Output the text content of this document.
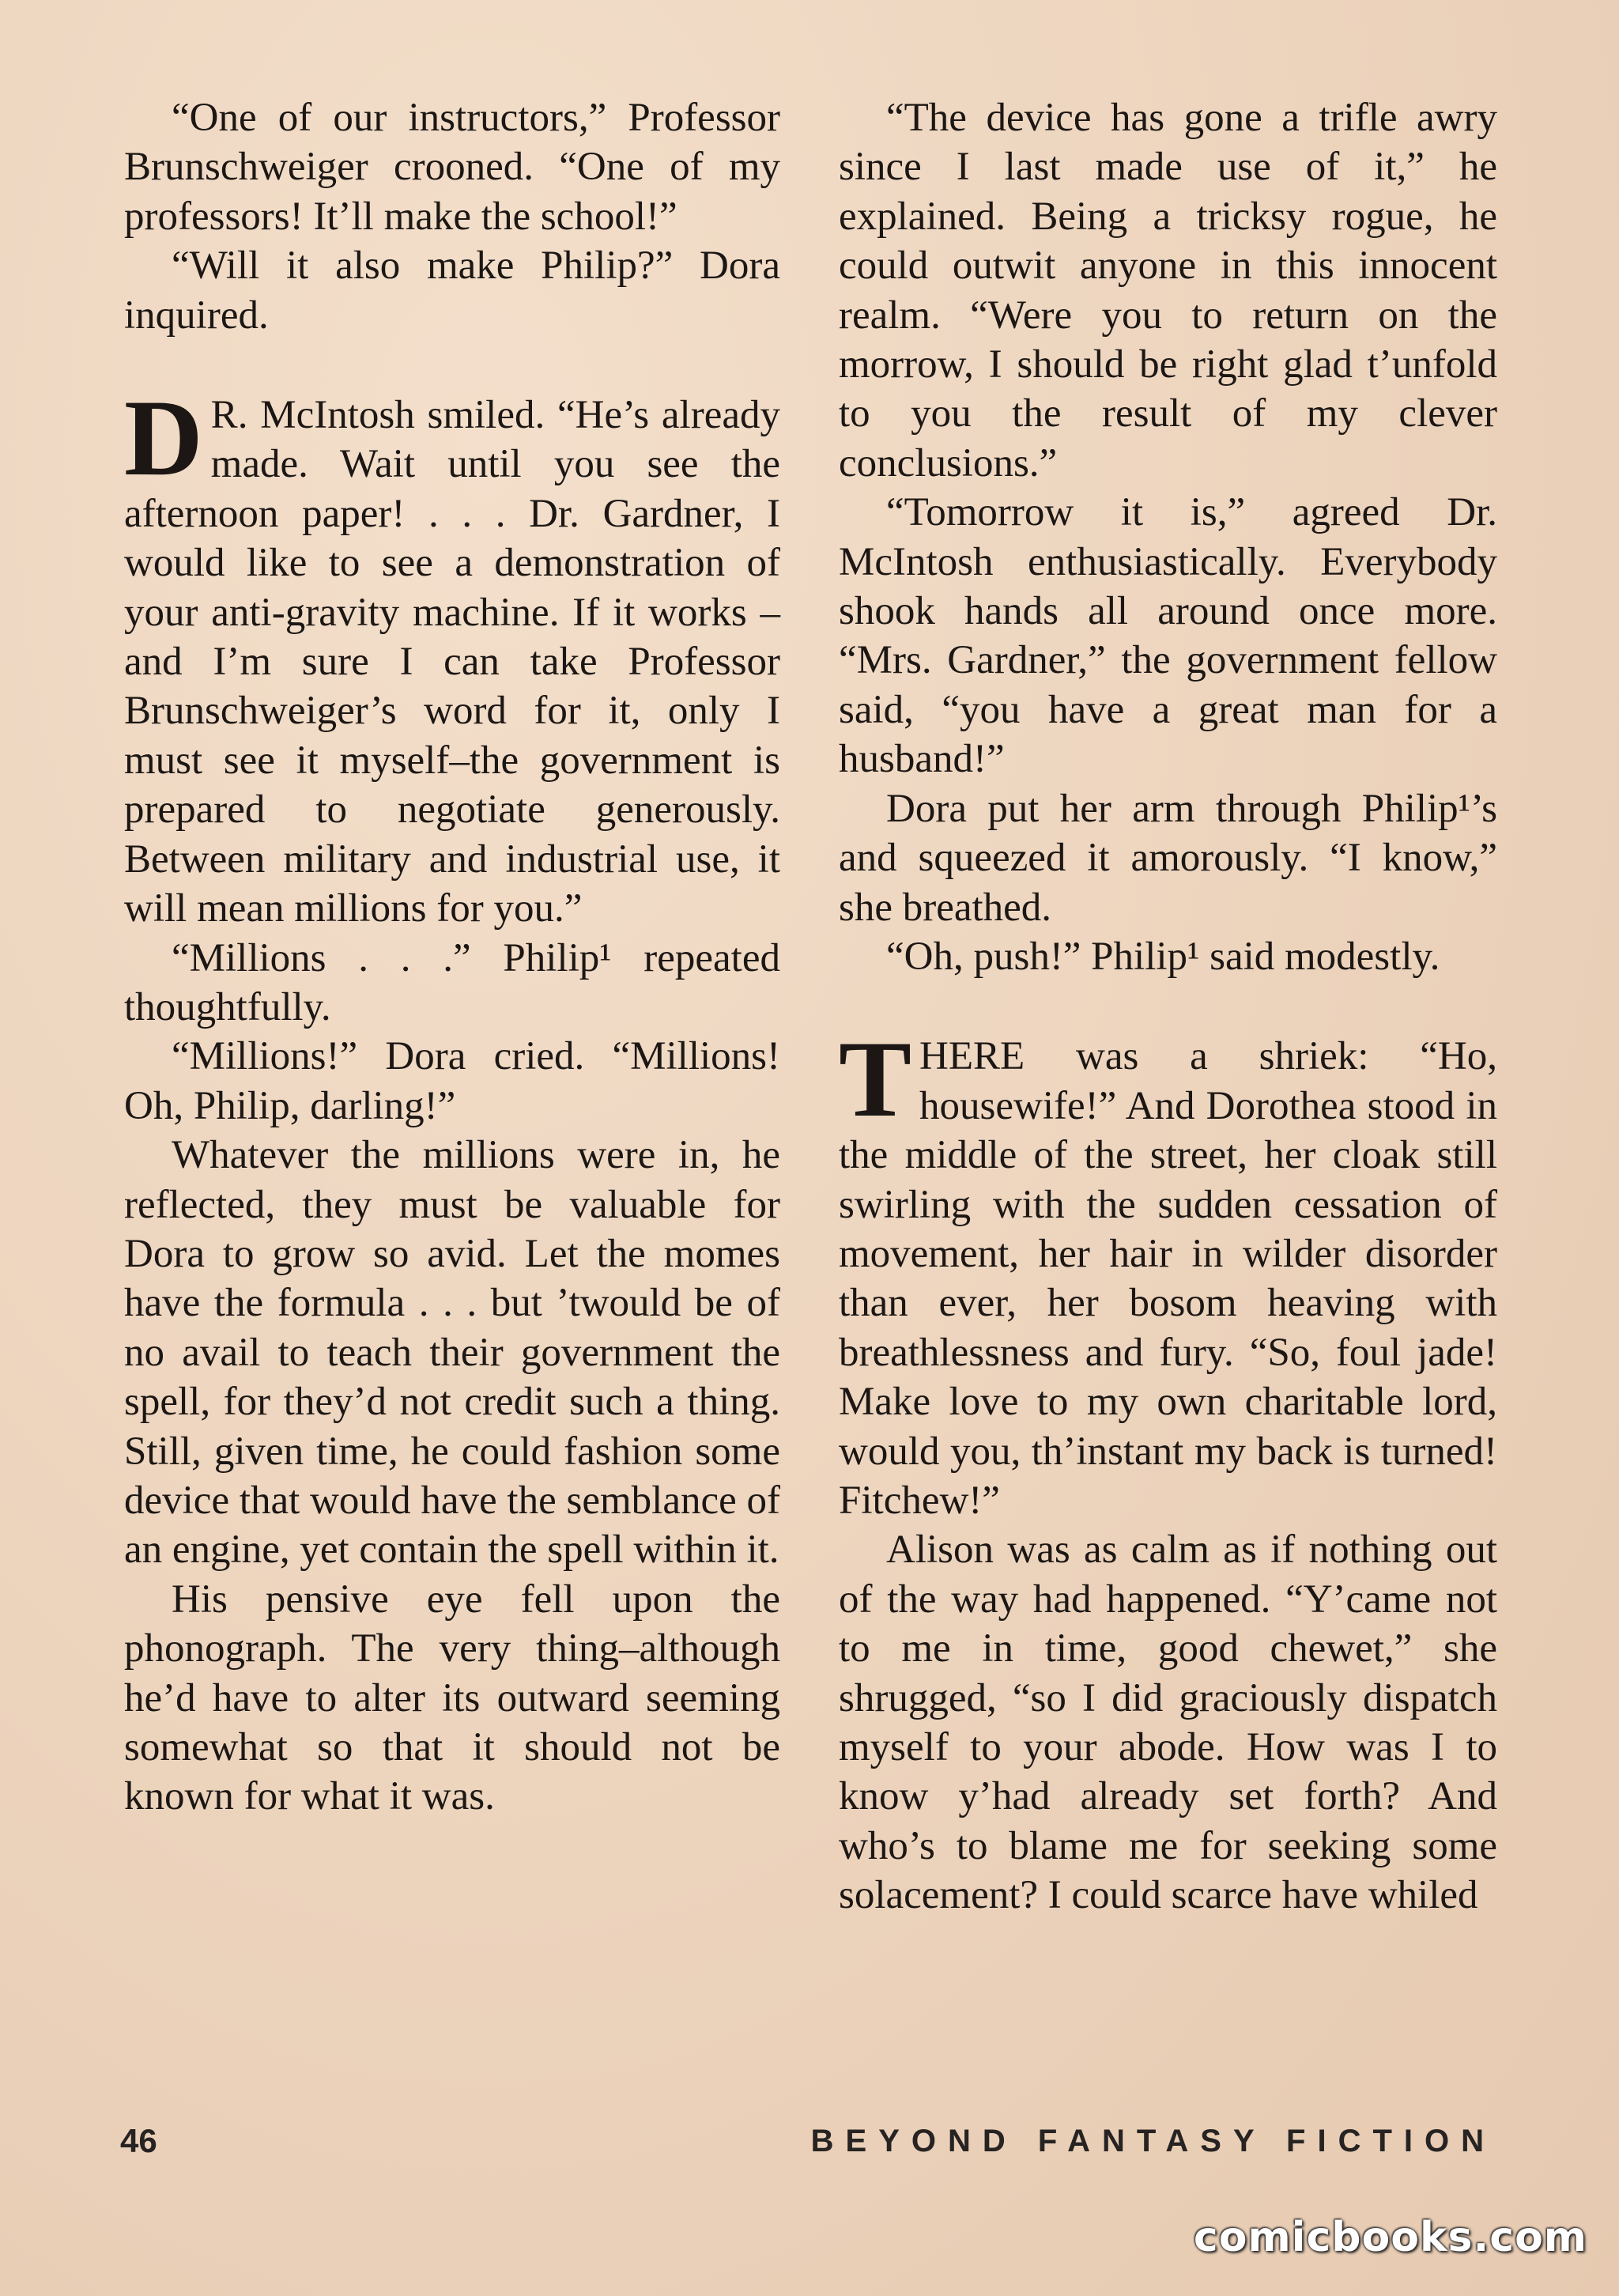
“One of our instructors,” Professor Brunschweiger crooned. “One of my professors! It’ll make the school!”

“Will it also make Philip?” Dora inquired.

D R. McIntosh smiled. “He’s already made. Wait until you see the afternoon paper! . . . Dr. Gardner, I would like to see a demonstration of your anti-gravity machine. If it works – and I’m sure I can take Professor Brunschweiger’s word for it, only I must see it myself–the government is prepared to negotiate generously. Between military and industrial use, it will mean millions for you.”

“Millions . . .” Philip¹ repeated thoughtfully.

“Millions!” Dora cried. “Millions! Oh, Philip, darling!”

Whatever the millions were in, he reflected, they must be valuable for Dora to grow so avid. Let the momes have the formula . . . but ’twould be of no avail to teach their government the spell, for they’d not credit such a thing. Still, given time, he could fashion some device that would have the semblance of an engine, yet contain the spell within it.

His pensive eye fell upon the phonograph. The very thing–although he’d have to alter its outward seeming somewhat so that it should not be known for what it was.

“The device has gone a trifle awry since I last made use of it,” he explained. Being a tricksy rogue, he could outwit anyone in this innocent realm. “Were you to return on the morrow, I should be right glad t’unfold to you the result of my clever conclusions.”

“Tomorrow it is,” agreed Dr. McIntosh enthusiastically. Everybody shook hands all around once more. “Mrs. Gardner,” the government fellow said, “you have a great man for a husband!”

Dora put her arm through Philip¹’s and squeezed it amorously. “I know,” she breathed.

“Oh, push!” Philip¹ said modestly.

THERE was a shriek: “Ho, housewife!” And Dorothea stood in the middle of the street, her cloak still swirling with the sudden cessation of movement, her hair in wilder disorder than ever, her bosom heaving with breathlessness and fury. “So, foul jade! Make love to my own charitable lord, would you, th’instant my back is turned! Fitchew!”

Alison was as calm as if nothing out of the way had happened. “Y’came not to me in time, good chewet,” she shrugged, “so I did graciously dispatch myself to your abode. How was I to know y’had already set forth? And who’s to blame me for seeking some solacement? I could scarce have whiled

46	BEYOND FANTASY FICTION
comicbooks.com
